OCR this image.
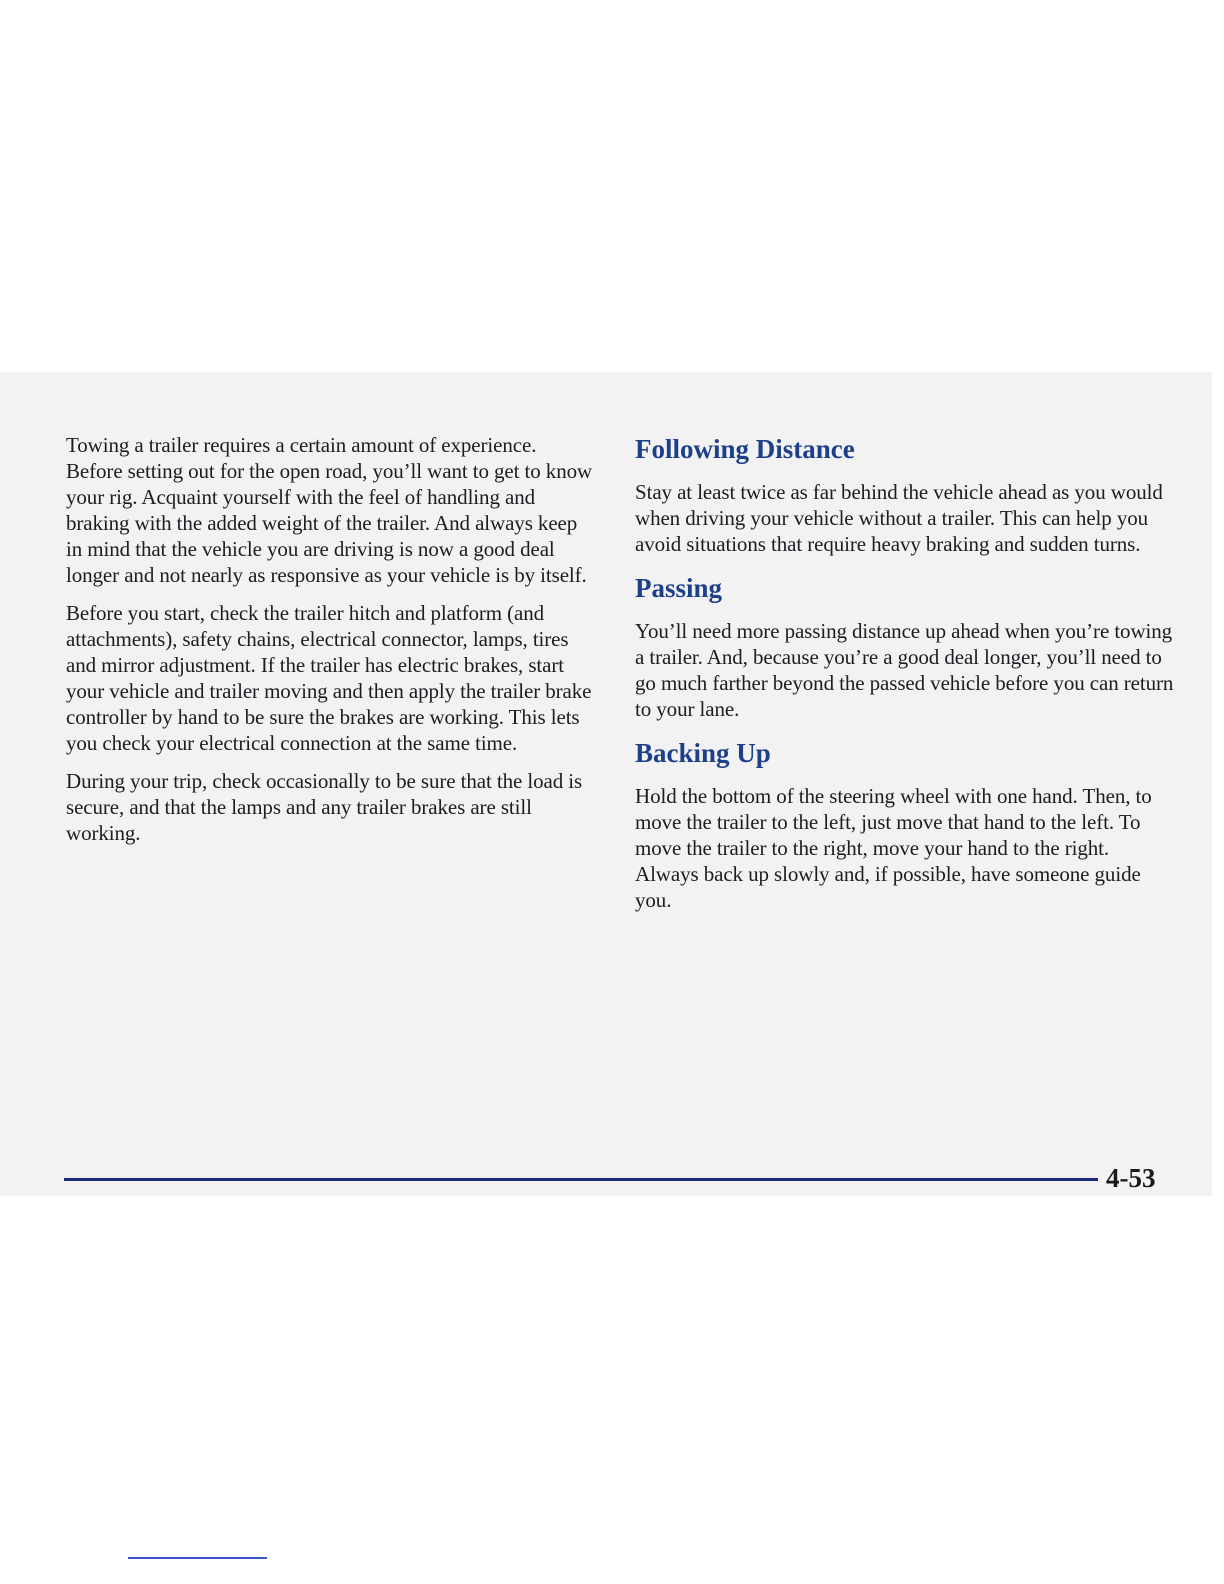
Towing a trailer requires a certain amount of experience. Before setting out for the open road, you’ll want to get to know your rig. Acquaint yourself with the feel of handling and braking with the added weight of the trailer. And always keep in mind that the vehicle you are driving is now a good deal longer and not nearly as responsive as your vehicle is by itself.

Before you start, check the trailer hitch and platform (and attachments), safety chains, electrical connector, lamps, tires and mirror adjustment. If the trailer has electric brakes, start your vehicle and trailer moving and then apply the trailer brake controller by hand to be sure the brakes are working. This lets you check your electrical connection at the same time.

During your trip, check occasionally to be sure that the load is secure, and that the lamps and any trailer brakes are still working.

Following Distance

Stay at least twice as far behind the vehicle ahead as you would when driving your vehicle without a trailer. This can help you avoid situations that require heavy braking and sudden turns.

Passing

You’ll need more passing distance up ahead when you’re towing a trailer. And, because you’re a good deal longer, you’ll need to go much farther beyond the passed vehicle before you can return to your lane.

Backing Up

Hold the bottom of the steering wheel with one hand. Then, to move the trailer to the left, just move that hand to the left. To move the trailer to the right, move your hand to the right. Always back up slowly and, if possible, have someone guide you.

4-53
